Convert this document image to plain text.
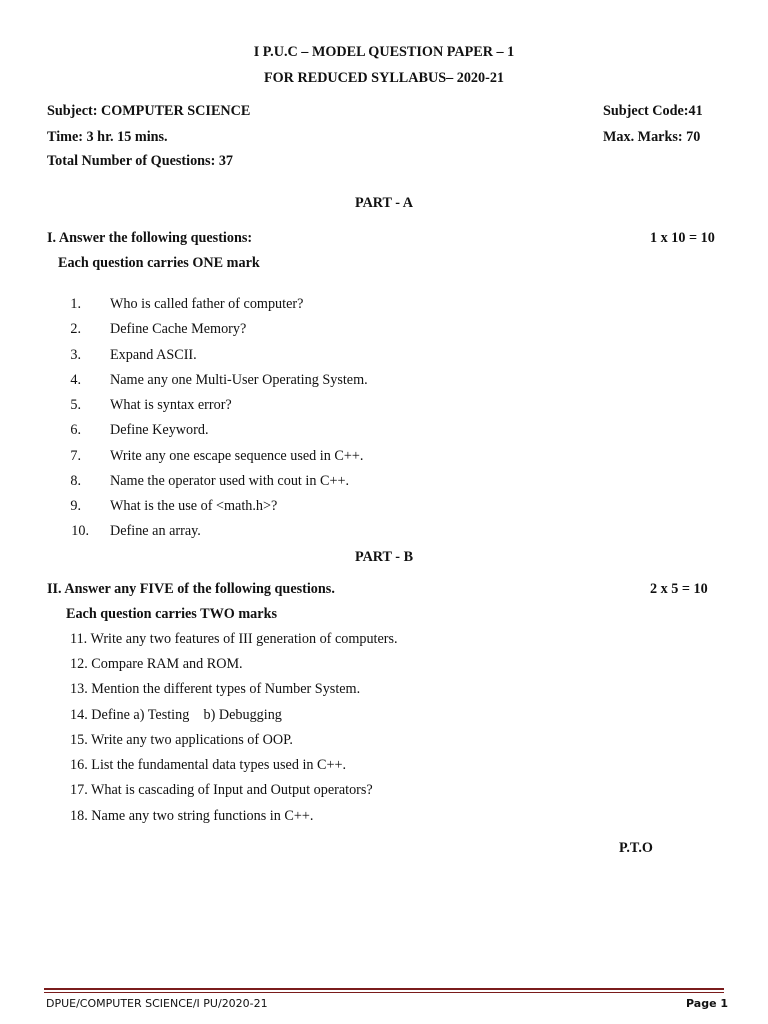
I P.U.C – MODEL QUESTION PAPER – 1
FOR REDUCED SYLLABUS– 2020-21
Subject: COMPUTER SCIENCE	Subject Code:41
Time: 3 hr. 15 mins.	Max. Marks: 70
Total Number of Questions: 37
PART - A
I. Answer the following questions:	1 x 10 = 10
Each question carries ONE mark
1. Who is called father of computer?
2. Define Cache Memory?
3. Expand ASCII.
4. Name any one Multi-User Operating System.
5. What is syntax error?
6. Define Keyword.
7. Write any one escape sequence used in C++.
8. Name the operator used with cout in C++.
9. What is the use of <math.h>?
10. Define an array.
PART - B
II. Answer any FIVE of the following questions.	2 x 5 = 10
Each question carries TWO marks
11. Write any two features of III generation of computers.
12. Compare RAM and ROM.
13. Mention the different types of Number System.
14. Define a) Testing    b) Debugging
15. Write any two applications of OOP.
16. List the fundamental data types used in C++.
17. What is cascading of Input and Output operators?
18. Name any two string functions in C++.
P.T.O
DPUE/COMPUTER SCIENCE/I PU/2020-21	Page 1
